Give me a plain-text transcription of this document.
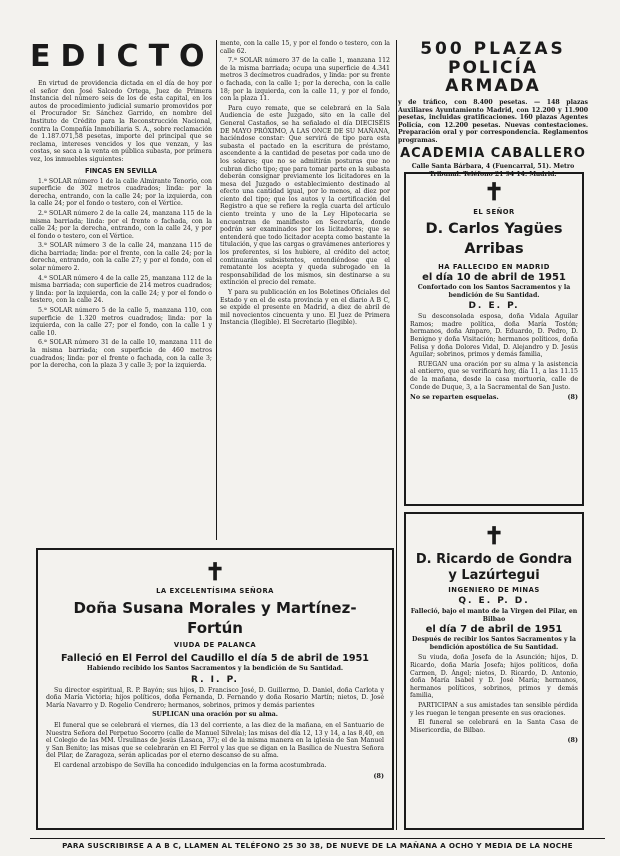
EDICTO

En virtud de providencia dictada en el día de hoy por el señor don José Salcedo Ortega, Juez de Primera Instancia del número seis de los de esta capital, en los autos de procedimiento judicial sumario promovidos por el Procurador Sr. Sánchez Garrido, en nombre del Instituto de Crédito para la Reconstrucción Nacional, contra la Compañía Inmobiliaria S. A., sobre reclamación de 1.187.071,58 pesetas, importe del principal que se reclama, intereses vencidos y los que venzan, y las costas, se saca a la venta en pública subasta, por primera vez, los inmuebles siguientes:

FINCAS EN SEVILLA

1.ª SOLAR número 1 de la calle Almirante Tenorio, con superficie de 302 metros cuadrados; linda: por la derecha, entrando, con la calle 24; por la izquierda, con la calle 24; por el fondo o testero, con el Vértice.

2.ª SOLAR número 2 de la calle 24, manzana 115 de la misma barriada; linda: por el frente o fachada, con la calle 24; por la derecha, entrando, con la calle 24, y por el fondo o testero, con el Vértice.

3.ª SOLAR número 3 de la calle 24, manzana 115 de dicha barriada; linda: por el frente, con la calle 24; por la derecha, entrando, con la calle 27; y por el fondo, con el solar número 2.

4.ª SOLAR número 4 de la calle 25, manzana 112 de la misma barriada; con superficie de 214 metros cuadrados; y linda: por la izquierda, con la calle 24; y por el fondo o testero, con la calle 24.

5.ª SOLAR número 5 de la calle 5, manzana 110, con superficie de 1.320 metros cuadrados; linda: por la izquierda, con la calle 27; por el fondo, con la calle 1 y calle 10.

6.ª SOLAR número 31 de la calle 10, manzana 111 de la misma barriada; con superficie de 460 metros cuadrados; linda: por el frente o fachada, con la calle 3; por la derecha, con la plaza 3 y calle 3; por la izquierda.

mente, con la calle 15, y por el fondo o testero, con la calle 62.

7.ª SOLAR número 37 de la calle 1, manzana 112 de la misma barriada; ocupa una superficie de 4.341 metros 3 decímetros cuadrados, y linda: por su frente o fachada, con la calle 1; por la derecha, con la calle 18; por la izquierda, con la calle 11, y por el fondo, con la plaza 11.

Para cuyo remate, que se celebrará en la Sala Audiencia de este Juzgado, sito en la calle del General Castaños, se ha señalado el día DIECISÉIS DE MAYO PRÓXIMO, A LAS ONCE DE SU MAÑANA, haciéndose constar: Que servirá de tipo para esta subasta el pactado en la escritura de préstamo, ascendente a la cantidad de pesetas por cada uno de los solares; que no se admitirán posturas que no cubran dicho tipo; que para tomar parte en la subasta deberán consignar previamente los licitadores en la mesa del Juzgado o establecimiento destinado al efecto una cantidad igual, por lo menos, al diez por ciento del tipo; que los autos y la certificación del Registro a que se refiere la regla cuarta del artículo ciento treinta y uno de la Ley Hipotecaria se encuentran de manifiesto en Secretaría, donde podrán ser examinados por los licitadores; que se entenderá que todo licitador acepta como bastante la titulación, y que las cargas o gravámenes anteriores y los preferentes, si los hubiere, al crédito del actor, continuarán subsistentes, entendiéndose que el rematante los acepta y queda subrogado en la responsabilidad de los mismos, sin destinarse a su extinción el precio del remate.

Y para su publicación en los Boletines Oficiales del Estado y en el de esta provincia y en el diario A B C, se expide el presente en Madrid, a diez de abril de mil novecientos cincuenta y uno. El Juez de Primera Instancia (Ilegible). El Secretario (Ilegible).

500 PLAZAS
POLICÍA ARMADA

y de tráfico, con 8.400 pesetas. — 148 plazas Auxiliares Ayuntamiento Madrid, con 12.200 y 11.900 pesetas, incluidas gratificaciones. 160 plazas Agentes Policía, con 12.200 pesetas. Nuevas contestaciones. Preparación oral y por correspondencia. Reglamentos programas.

ACADEMIA CABALLERO

Calle Santa Bárbara, 4 (Fuencarral, 51). Metro Tribunal. Teléfono 21 94 14. Madrid.

✝
EL SEÑOR
D. Carlos Yagües Arribas
HA FALLECIDO EN MADRID
el día 10 de abril de 1951
Confortado con los Santos Sacramentos y la bendición de Su Santidad.
D. E. P.

Su desconsolada esposa, doña Vidala Aguilar Ramos; madre política, doña María Tostón; hermanos, doña Amparo, D. Eduardo, D. Pedro, D. Benigno y doña Visitación; hermanos políticos, doña Felisa y doña Dolores Vidal, D. Alejandro y D. Jesús Aguilar; sobrinos, primos y demás familia,

RUEGAN una oración por su alma y la asistencia al entierro, que se verificará hoy, día 11, a las 11.15 de la mañana, desde la casa mortuoria, calle de Conde de Duque, 3, a la Sacramental de San Justo.

No se reparten esquelas.	(8)
✝
D. Ricardo de Gondra
y Lazúrtegui
INGENIERO DE MINAS
Q. E. P. D.
Falleció, bajo el manto de la Virgen del Pilar, en Bilbao
el día 7 de abril de 1951
Después de recibir los Santos Sacramentos y la bendición apostólica de Su Santidad.

Su viuda, doña Josefa de la Asunción; hijos, D. Ricardo, doña María Josefa; hijos políticos, doña Carmen, D. Ángel; nietos, D. Ricardo, D. Antonio, doña María Isabel y D. José María; hermanos, hermanos políticos, sobrinos, primos y demás familia,

PARTICIPAN a sus amistades tan sensible pérdida y les ruegan le tengan presente en sus oraciones.

El funeral se celebrará en la Santa Casa de Misericordia, de Bilbao.

(8)
✝
LA EXCELENTÍSIMA SEÑORA
Doña Susana Morales y Martínez-Fortún
VIUDA DE PALANCA
Falleció en El Ferrol del Caudillo el día 5 de abril de 1951
Habiendo recibido los Santos Sacramentos y la bendición de Su Santidad.
R. I. P.

Su director espiritual, R. P. Bayón; sus hijos, D. Francisco José, D. Guillermo, D. Daniel, doña Carlota y doña María Victoria; hijos políticos, doña Fernanda, D. Fernando y doña Rosario Martín; nietos, D. José María Navarro y D. Rogelio Cendrero; hermanos, sobrinos, primos y demás parientes

SUPLICAN una oración por su alma.

El funeral que se celebrará el viernes, día 13 del corriente, a las diez de la mañana, en el Santuario de Nuestra Señora del Perpetuo Socorro (calle de Manuel Silvela); las misas del día 12, 13 y 14, a las 8,40, en el Colegio de las MM. Ursulinas de Jesús (Lasaca, 37); el de la misma manera en la iglesia de San Manuel y San Benito; las misas que se celebrarán en El Ferrol y las que se digan en la Basílica de Nuestra Señora del Pilar, de Zaragoza, serán aplicadas por el eterno descanso de su alma.

El cardenal arzobispo de Sevilla ha concedido indulgencias en la forma acostumbrada.

(8)
PARA SUSCRIBIRSE A A B C, LLAMEN AL TELÉFONO 25 30 38, DE NUEVE DE LA MAÑANA A OCHO Y MEDIA DE LA NOCHE
